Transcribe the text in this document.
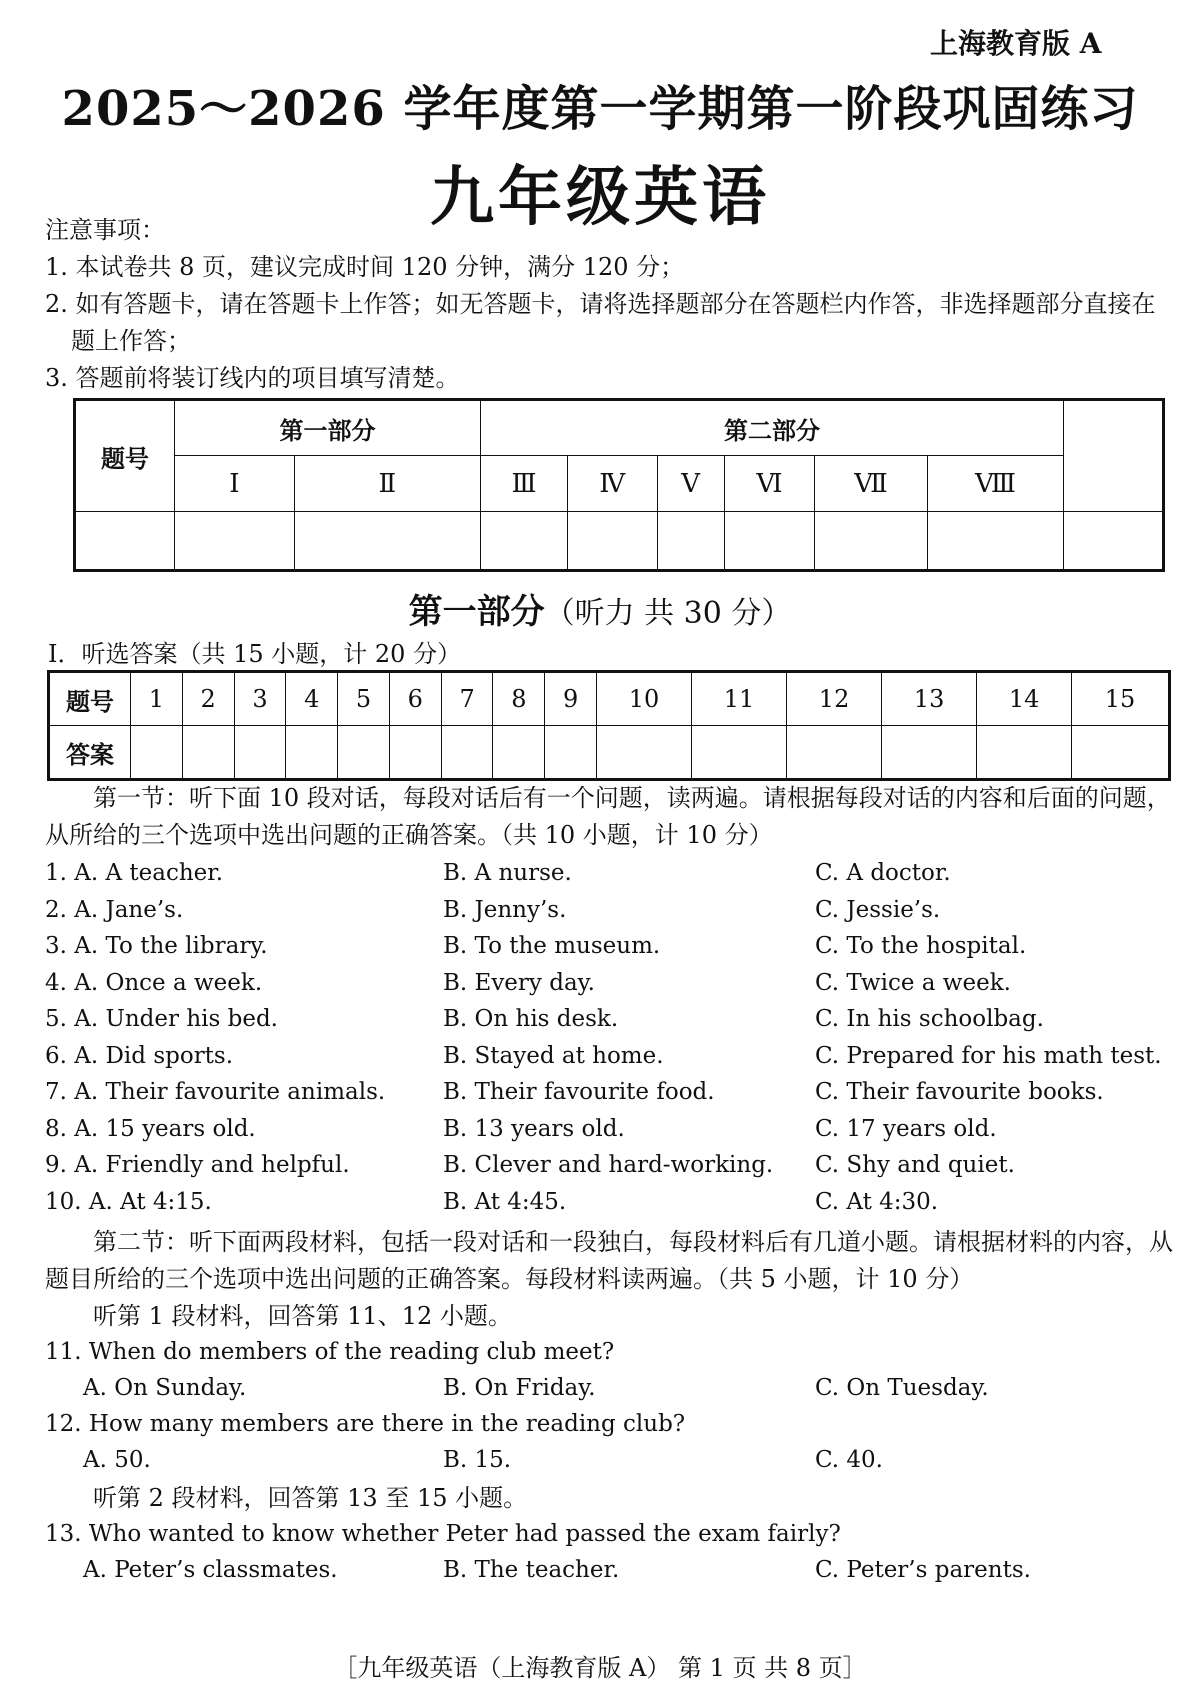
上海教育版 A
2025～2026 学年度第一学期第一阶段巩固练习
九年级英语
注意事项：
1. 本试卷共 8 页，建议完成时间 120 分钟，满分 120 分；
2. 如有答题卡，请在答题卡上作答；如无答题卡，请将选择题部分在答题栏内作答，非选择题部分直接在题上作答；
3. 答题前将装订线内的项目填写清楚。
题号	第一部分		第二部分						
	Ⅰ	Ⅱ	Ⅲ	Ⅳ	Ⅴ	Ⅵ	Ⅶ	Ⅷ	

第一部分（听力 共 30 分）
Ⅰ．听选答案（共 15 小题，计 20 分）
题号	1	2	3	4	5	6	7	8	9	10	11	12	13	14	15
答案															
第一节：听下面 10 段对话，每段对话后有一个问题，读两遍。请根据每段对话的内容和后面的问题，从所给的三个选项中选出问题的正确答案。（共 10 小题，计 10 分）
1. A. A teacher.	B. A nurse.	C. A doctor.
2. A. Jane’s.	B. Jenny’s.	C. Jessie’s.
3. A. To the library.	B. To the museum.	C. To the hospital.
4. A. Once a week.	B. Every day.	C. Twice a week.
5. A. Under his bed.	B. On his desk.	C. In his schoolbag.
6. A. Did sports.	B. Stayed at home.	C. Prepared for his math test.
7. A. Their favourite animals.	B. Their favourite food.	C. Their favourite books.
8. A. 15 years old.	B. 13 years old.	C. 17 years old.
9. A. Friendly and helpful.	B. Clever and hard-working. C. Shy and quiet.
10. A. At 4:15.	B. At 4:45.	C. At 4:30.
第二节：听下面两段材料，包括一段对话和一段独白，每段材料后有几道小题。请根据材料的内容，从题目所给的三个选项中选出问题的正确答案。每段材料读两遍。（共 5 小题，计 10 分）
听第 1 段材料，回答第 11、12 小题。
11. When do members of the reading club meet?
A. On Sunday.	B. On Friday.	C. On Tuesday.
12. How many members are there in the reading club?
A. 50.	B. 15.	C. 40.
听第 2 段材料，回答第 13 至 15 小题。
13. Who wanted to know whether Peter had passed the exam fairly?
A. Peter’s classmates.	B. The teacher.	C. Peter’s parents.
［九年级英语（上海教育版 A） 第 1 页 共 8 页］
